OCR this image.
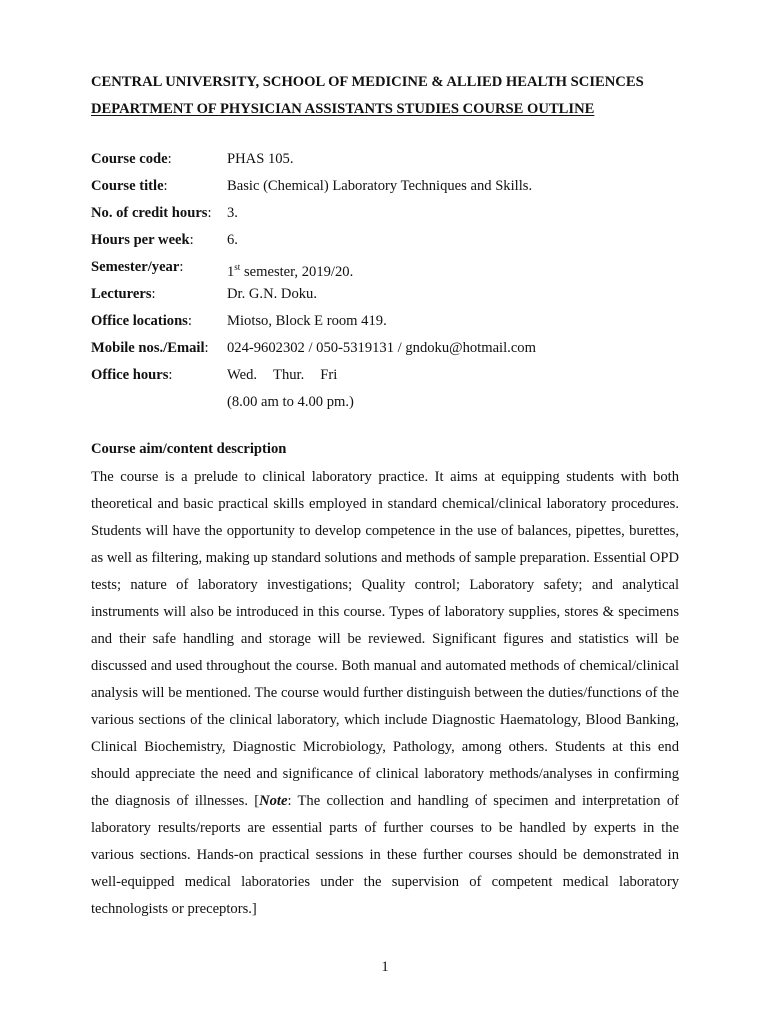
CENTRAL UNIVERSITY, SCHOOL OF MEDICINE & ALLIED HEALTH SCIENCES
DEPARTMENT OF PHYSICIAN ASSISTANTS STUDIES COURSE OUTLINE
Course code:	PHAS 105.
Course title:	Basic (Chemical) Laboratory Techniques and Skills.
No. of credit hours: 3.
Hours per week: 6.
Semester/year:	1st semester, 2019/20.
Lecturers:	Dr. G.N. Doku.
Office locations: Miotso, Block E room 419.
Mobile nos./Email: 024-9602302 / 050-5319131 / gndoku@hotmail.com
Office hours:	Wed. Thur. Fri
(8.00 am to 4.00 pm.)
Course aim/content description
The course is a prelude to clinical laboratory practice. It aims at equipping students with both theoretical and basic practical skills employed in standard chemical/clinical laboratory procedures. Students will have the opportunity to develop competence in the use of balances, pipettes, burettes, as well as filtering, making up standard solutions and methods of sample preparation. Essential OPD tests; nature of laboratory investigations; Quality control; Laboratory safety; and analytical instruments will also be introduced in this course. Types of laboratory supplies, stores & specimens and their safe handling and storage will be reviewed. Significant figures and statistics will be discussed and used throughout the course. Both manual and automated methods of chemical/clinical analysis will be mentioned. The course would further distinguish between the duties/functions of the various sections of the clinical laboratory, which include Diagnostic Haematology, Blood Banking, Clinical Biochemistry, Diagnostic Microbiology, Pathology, among others. Students at this end should appreciate the need and significance of clinical laboratory methods/analyses in confirming the diagnosis of illnesses. [Note: The collection and handling of specimen and interpretation of laboratory results/reports are essential parts of further courses to be handled by experts in the various sections. Hands-on practical sessions in these further courses should be demonstrated in well-equipped medical laboratories under the supervision of competent medical laboratory technologists or preceptors.]
1
